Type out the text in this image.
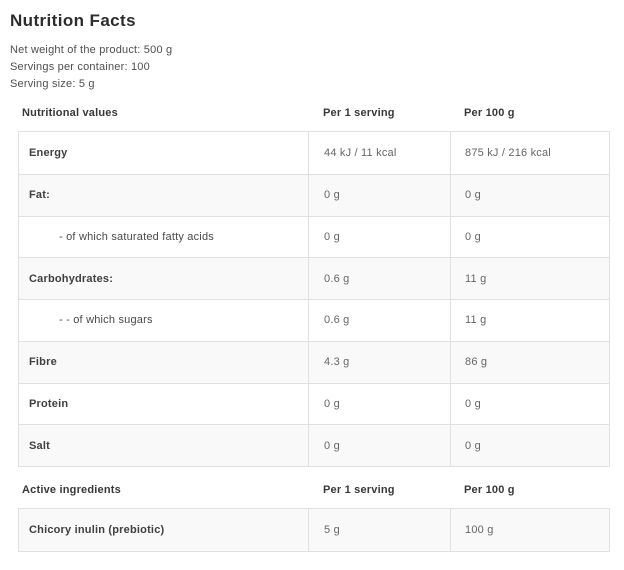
Nutrition Facts
Net weight of the product: 500 g
Servings per container: 100
Serving size: 5 g
Nutritional values	Per 1 serving	Per 100 g
Energy	44 kJ / 11 kcal	875 kJ / 216 kcal
Fat:	0 g	0 g
- of which saturated fatty acids	0 g	0 g
Carbohydrates:	0.6 g	11 g
- - of which sugars	0.6 g	11 g
Fibre	4.3 g	86 g
Protein	0 g	0 g
Salt	0 g	0 g
Active ingredients	Per 1 serving	Per 100 g
Chicory inulin (prebiotic)	5 g	100 g
